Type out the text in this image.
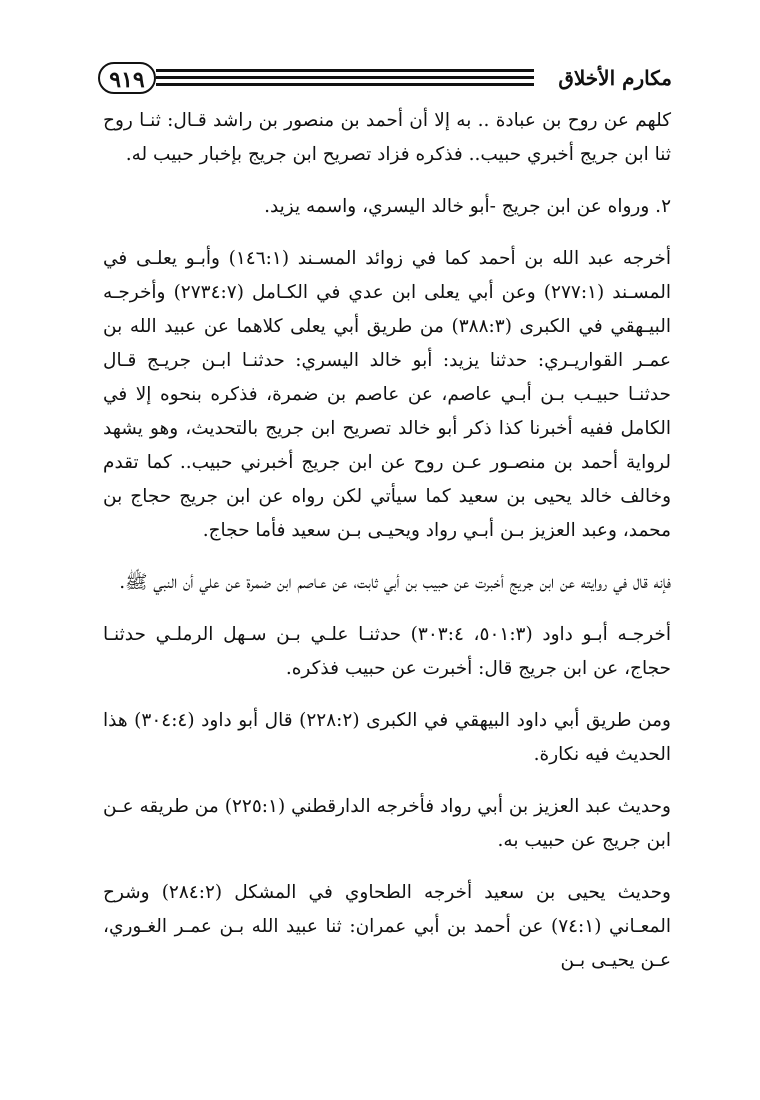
٩١٩	مكارم الأخلاق

كلهم عن روح بن عبادة .. به إلا أن أحمد بن منصور بن راشد قـال: ثنـا روح ثنا ابن جريج أخبري حبيب.. فذكره فزاد تصريح ابن جريج بإخبار حبيب له.

٢. ورواه عن ابن جريج -أبو خالد اليسري، واسمه يزيد.

أخرجه عبد الله بن أحمد كما في زوائد المسـند (١٤٦:١) وأبـو يعلـى في المسـند (٢٧٧:١) وعن أبي يعلى ابن عدي في الكـامل (٢٧٣٤:٧) وأخرجـه البيـهقي في الكبرى (٣٨٨:٣) من طريق أبي يعلى كلاهما عن عبيد الله بن عمـر القواريـري: حدثنا يزيد: أبو خالد اليسري: حدثنـا ابـن جريـج قـال حدثنـا حبيـب بـن أبـي عاصم، عن عاصم بن ضمرة، فذكره بنحوه إلا في الكامل ففيه أخبرنا كذا ذكر أبو خالد تصريح ابن جريج بالتحديث، وهو يشهد لرواية أحمد بن منصـور عـن روح عن ابن جريج أخبرني حبيب.. كما تقدم وخالف خالد يحيى بن سعيد كما سيأتي لكن رواه عن ابن جريج حجاج بن محمد، وعبد العزيز بـن أبـي رواد ويحيـى بـن سعيد فأما حجاج.

فإنه قال في روايته عن ابن جريج أخبرت عن حبيب بن أبي ثابت، عن عـاصم ابن ضمرة عن علي أن النبي ﷺ.

أخرجـه أبـو داود (٥٠١:٣، ٣٠٣:٤) حدثنـا علـي بـن سـهل الرملـي حدثنـا حجاج، عن ابن جريج قال: أخبرت عن حبيب فذكره.

ومن طريق أبي داود البيهقي في الكبرى (٢٢٨:٢) قال أبو داود (٣٠٤:٤) هذا الحديث فيه نكارة.

وحديث عبد العزيز بن أبي رواد فأخرجه الدارقطني (٢٢٥:١) من طريقه عـن ابن جريج عن حبيب به.

وحديث يحيى بن سعيد أخرجه الطحاوي في المشكل (٢٨٤:٢) وشرح المعـاني (٧٤:١) عن أحمد بن أبي عمران: ثنا عبيد الله بـن عمـر الغـوري، عـن يحيـى بـن
